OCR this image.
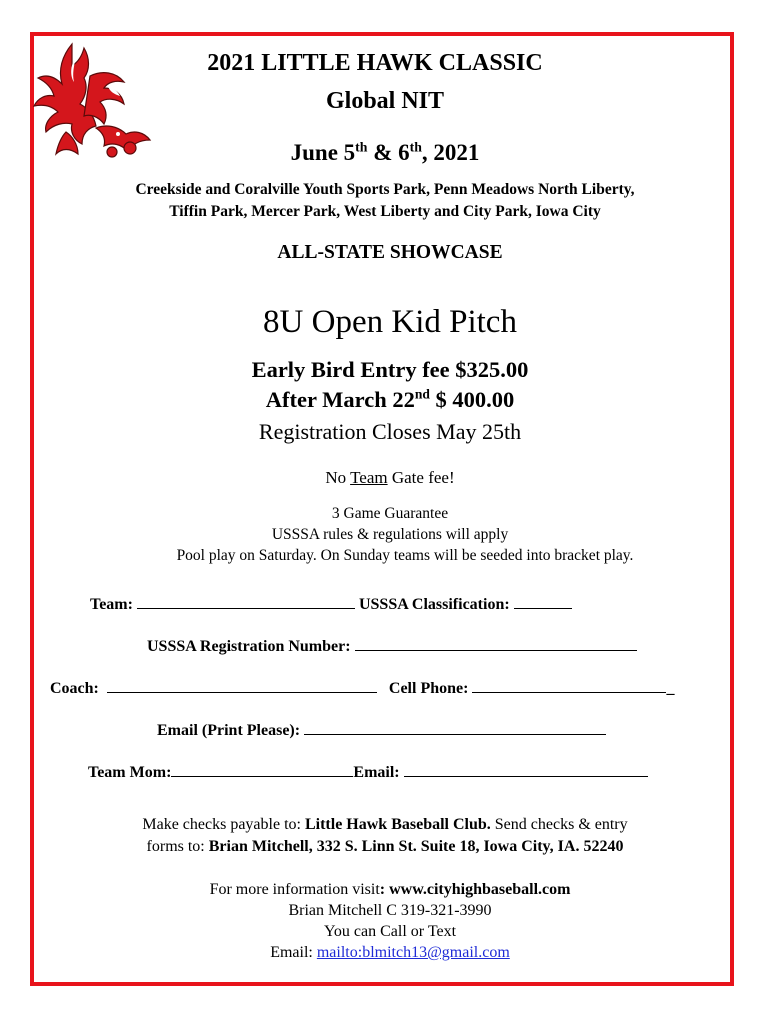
2021 LITTLE HAWK CLASSIC
Global NIT
June 5th & 6th, 2021
Creekside and Coralville Youth Sports Park, Penn Meadows North Liberty,
Tiffin Park, Mercer Park, West Liberty and City Park, Iowa City
ALL-STATE SHOWCASE
8U Open Kid Pitch
Early Bird Entry fee $325.00
After March 22nd $ 400.00
Registration Closes May 25th
No Team Gate fee!
3 Game Guarantee
USSSA rules & regulations will apply
Pool play on Saturday. On Sunday teams will be seeded into bracket play.
Team:	USSSA Classification:
USSSA Registration Number:
Coach:	Cell Phone:	_
Email (Print Please):
Team Mom:	Email:
Make checks payable to: Little Hawk Baseball Club. Send checks & entry
forms to: Brian Mitchell, 332 S. Linn St. Suite 18, Iowa City, IA. 52240
For more information visit: www.cityhighbaseball.com
Brian Mitchell C 319-321-3990
You can Call or Text
Email: mailto:blmitch13@gmail.com
